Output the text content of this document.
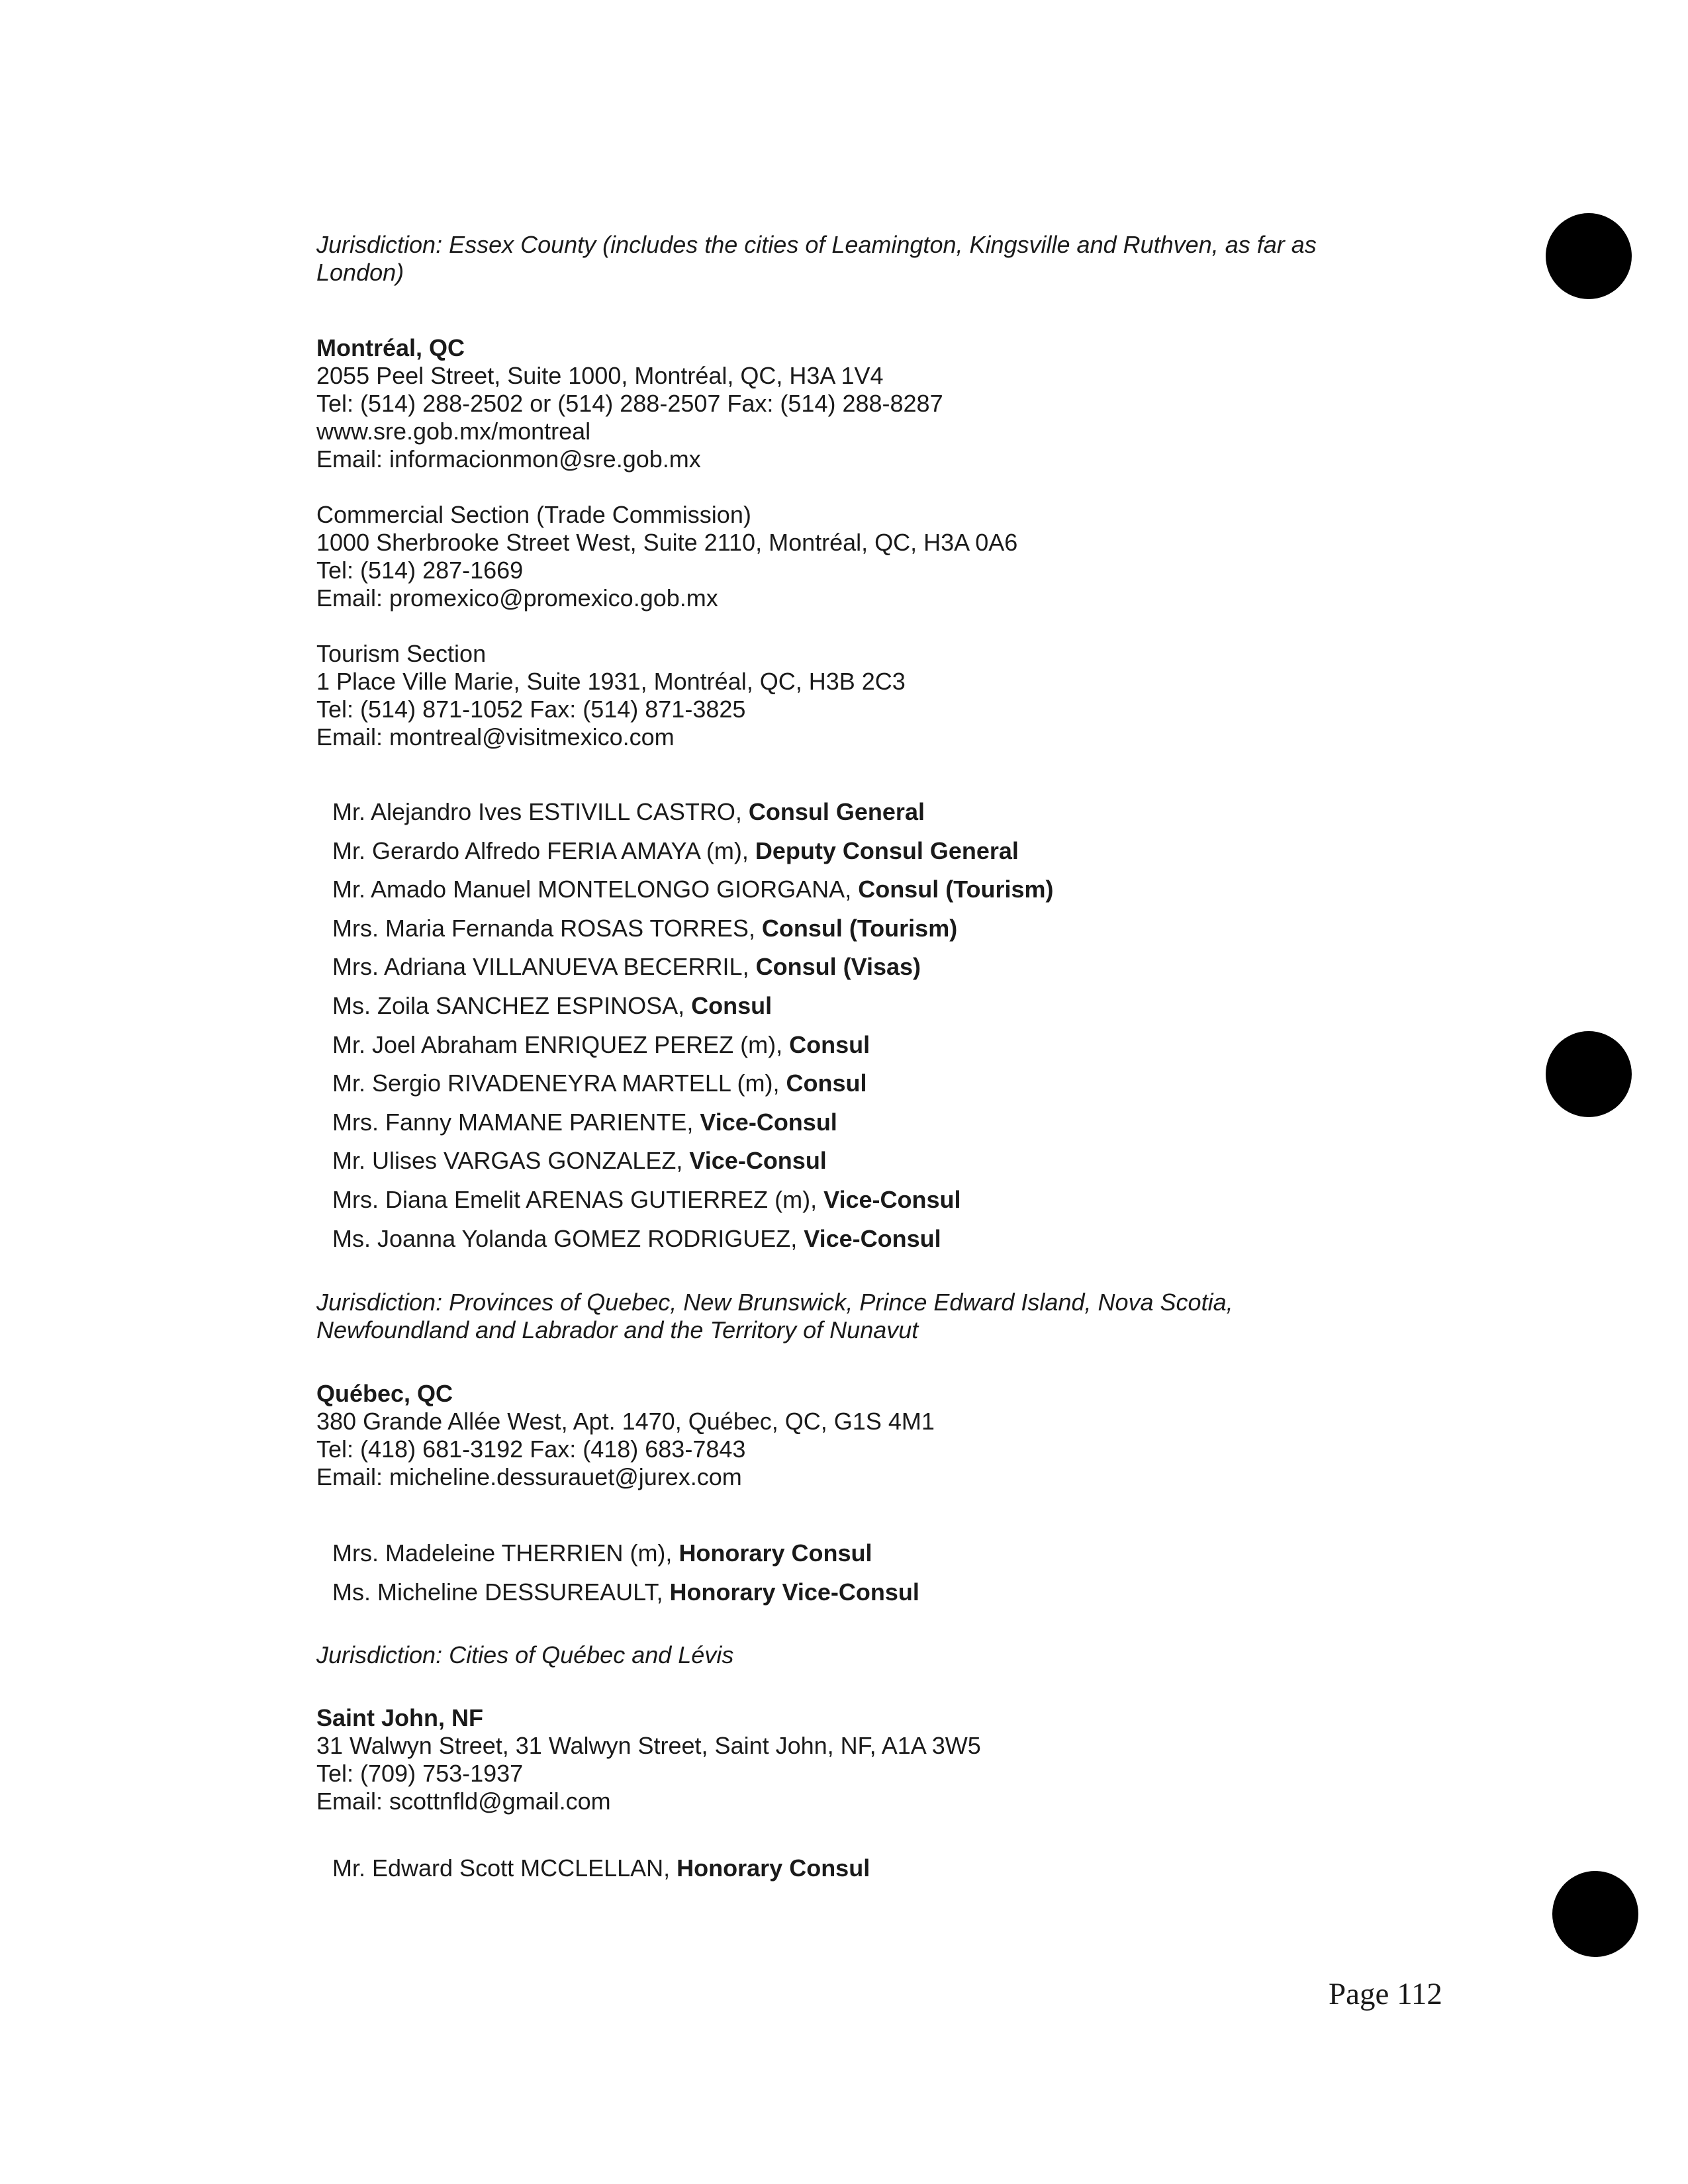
Jurisdiction: Essex County (includes the cities of Leamington, Kingsville and Ruthven, as far as London)
Montréal, QC
2055 Peel Street, Suite 1000, Montréal, QC, H3A 1V4
Tel: (514) 288-2502 or (514) 288-2507 Fax: (514) 288-8287
www.sre.gob.mx/montreal
Email: informacionmon@sre.gob.mx
Commercial Section (Trade Commission)
1000 Sherbrooke Street West, Suite 2110, Montréal, QC, H3A 0A6
Tel: (514) 287-1669
Email: promexico@promexico.gob.mx
Tourism Section
1 Place Ville Marie, Suite 1931, Montréal, QC, H3B 2C3
Tel: (514) 871-1052 Fax: (514) 871-3825
Email: montreal@visitmexico.com
Mr. Alejandro Ives ESTIVILL CASTRO, Consul General
Mr. Gerardo Alfredo FERIA AMAYA (m), Deputy Consul General
Mr. Amado Manuel MONTELONGO GIORGANA, Consul (Tourism)
Mrs. Maria Fernanda ROSAS TORRES, Consul (Tourism)
Mrs. Adriana VILLANUEVA BECERRIL, Consul (Visas)
Ms. Zoila SANCHEZ ESPINOSA, Consul
Mr. Joel Abraham ENRIQUEZ PEREZ (m), Consul
Mr. Sergio RIVADENEYRA MARTELL (m), Consul
Mrs. Fanny MAMANE PARIENTE, Vice-Consul
Mr. Ulises VARGAS GONZALEZ, Vice-Consul
Mrs. Diana Emelit ARENAS GUTIERREZ (m), Vice-Consul
Ms. Joanna Yolanda GOMEZ RODRIGUEZ, Vice-Consul
Jurisdiction: Provinces of Quebec, New Brunswick, Prince Edward Island, Nova Scotia, Newfoundland and Labrador and the Territory of Nunavut
Québec, QC
380 Grande Allée West, Apt. 1470, Québec, QC, G1S 4M1
Tel: (418) 681-3192 Fax: (418) 683-7843
Email: micheline.dessurauet@jurex.com
Mrs. Madeleine THERRIEN (m), Honorary Consul
Ms. Micheline DESSUREAULT, Honorary Vice-Consul
Jurisdiction: Cities of Québec and Lévis
Saint John, NF
31 Walwyn Street, 31 Walwyn Street, Saint John, NF, A1A 3W5
Tel: (709) 753-1937
Email: scottnfld@gmail.com
Mr. Edward Scott MCCLELLAN, Honorary Consul
Page 112
